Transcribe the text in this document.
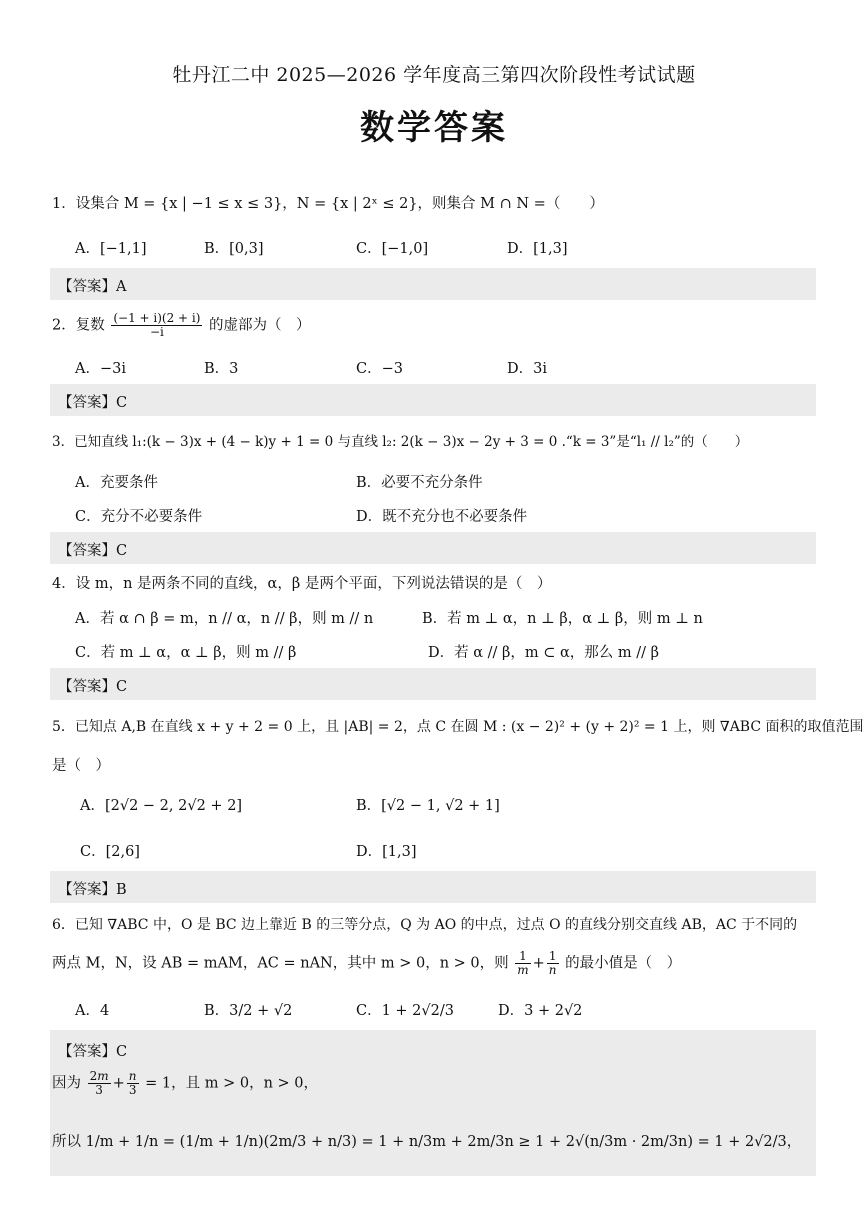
牡丹江二中 2025—2026 学年度高三第四次阶段性考试试题
数学答案
1．设集合 M = {x | −1 ≤ x ≤ 3}，N = {x | 2ˣ ≤ 2}，则集合 M ∩ N =（　　）
A．[−1,1]	B．[0,3]	C．[−1,0]	D．[1,3]
【答案】A
2．复数 $\frac{(-1 + i)(2 + i)}{-i}$ 的虚部为（　）
A．−3i	B．3	C．−3	D．3i
【答案】C
3．已知直线 l₁:(k − 3)x + (4 − k)y + 1 = 0 与直线 l₂: 2(k − 3)x − 2y + 3 = 0 .“k = 3”是“l₁ // l₂”的（　　）
A．充要条件	B．必要不充分条件
C．充分不必要条件	D．既不充分也不必要条件
【答案】C
4．设 m，n 是两条不同的直线，α，β 是两个平面，下列说法错误的是（　）
A．若 α ∩ β = m，n // α，n // β，则 m // n	B．若 m ⊥ α，n ⊥ β，α ⊥ β，则 m ⊥ n
C．若 m ⊥ α，α ⊥ β，则 m // β	D．若 α // β，m ⊂ α，那么 m // β
【答案】C
5．已知点 A,B 在直线 x + y + 2 = 0 上，且 |AB| = 2，点 C 在圆 M : (x − 2)² + (y + 2)² = 1 上，则 ∇ABC 面积的取值范围
是（　）
A．[2√2 − 2, 2√2 + 2]	B．[√2 − 1, √2 + 1]
C．[2,6]	D．[1,3]
【答案】B
6．已知 ∇ABC 中，O 是 BC 边上靠近 B 的三等分点，Q 为 AO 的中点，过点 O 的直线分别交直线 AB，AC 于不同的
两点 M，N，设 AB = mAM，AC = nAN，其中 m > 0，n > 0，则 $\frac{1}{m} + \frac{1}{n}$ 的最小值是（　）
A．4	B．3/2 + √2	C．1 + 2√2/3	D．3 + 2√2
【答案】C
因为 $\frac{2m}{3} + \frac{n}{3} = 1$，且 m > 0，n > 0，
所以 1/m + 1/n = (1/m + 1/n)(2m/3 + n/3) = 1 + n/3m + 2m/3n ≥ 1 + 2√(n/3m · 2m/3n) = 1 + 2√2/3，
